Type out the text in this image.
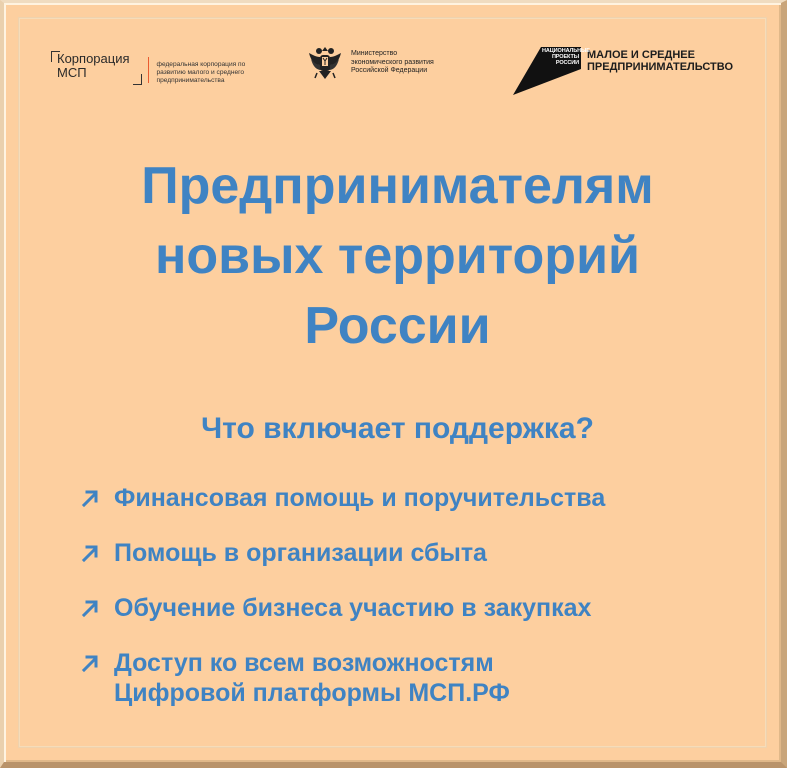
Корпорация
МСП
федеральная корпорация по развитию малого и среднего предпринимательства
Министерство
экономического развития
Российской Федерации
НАЦИОНАЛЬНЫЕ
ПРОЕКТЫ
РОССИИ
МАЛОЕ И СРЕДНЕЕ
ПРЕДПРИНИМАТЕЛЬСТВО
Предпринимателям
новых территорий
России
Что включает поддержка?
Финансовая помощь и поручительства
Помощь в организации сбыта
Обучение бизнеса участию в закупках
Доступ ко всем возможностям
Цифровой платформы МСП.РФ
